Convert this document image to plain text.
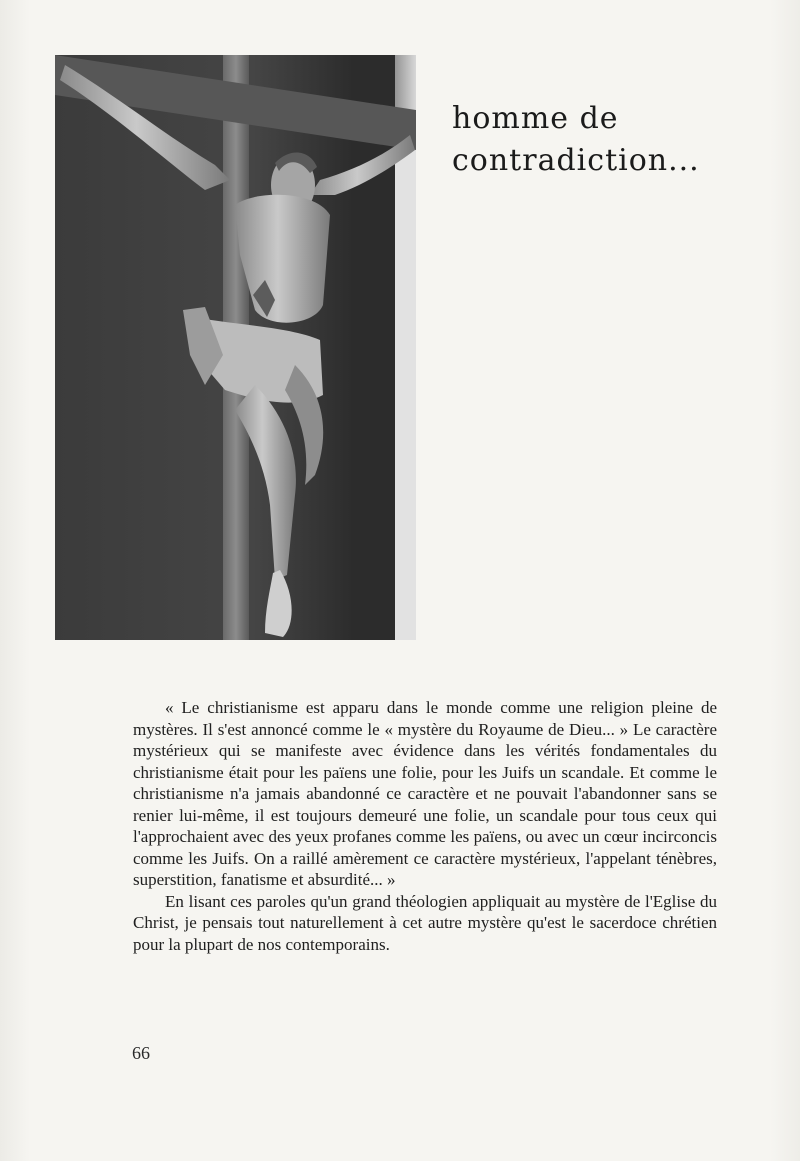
homme de
contradiction...

« Le christianisme est apparu dans le monde comme une religion pleine de mystères. Il s'est annoncé comme le « mystère du Royaume de Dieu... » Le caractère mystérieux qui se manifeste avec évidence dans les vérités fondamentales du christianisme était pour les païens une folie, pour les Juifs un scandale. Et comme le christianisme n'a jamais abandonné ce caractère et ne pouvait l'abandonner sans se renier lui-même, il est toujours demeuré une folie, un scandale pour tous ceux qui l'approchaient avec des yeux profanes comme les païens, ou avec un cœur incirconcis comme les Juifs. On a raillé amèrement ce caractère mystérieux, l'appelant ténèbres, superstition, fanatisme et absurdité... »

En lisant ces paroles qu'un grand théologien appliquait au mystère de l'Eglise du Christ, je pensais tout naturellement à cet autre mystère qu'est le sacerdoce chrétien pour la plupart de nos contemporains.

66
